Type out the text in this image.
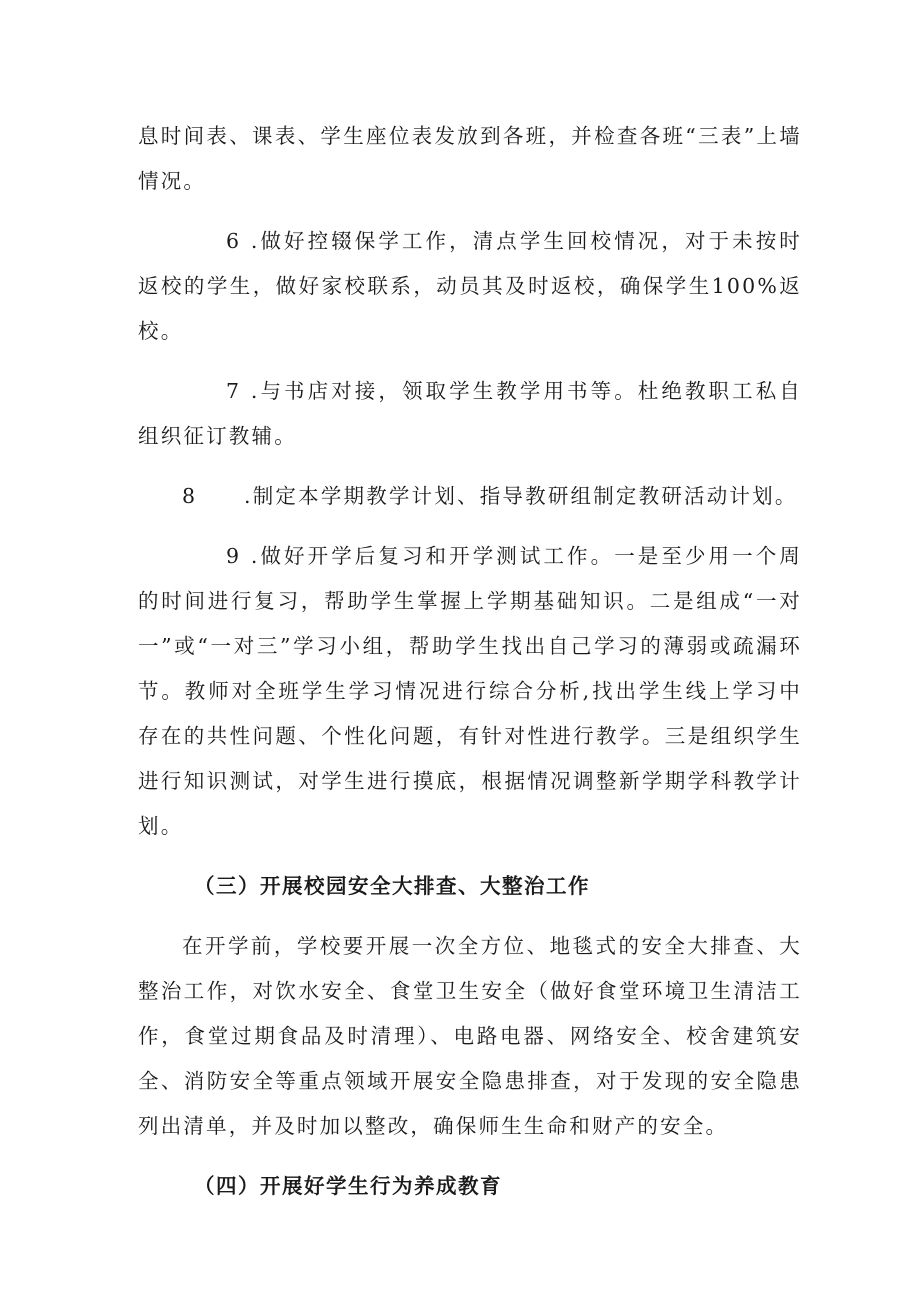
息时间表、课表、学生座位表发放到各班，并检查各班“三表”上墙情况。

6 .做好控辍保学工作，清点学生回校情况，对于未按时返校的学生，做好家校联系，动员其及时返校，确保学生100%返校。

7 .与书店对接，领取学生教学用书等。杜绝教职工私自组织征订教辅。

8 .制定本学期教学计划、指导教研组制定教研活动计划。

9 .做好开学后复习和开学测试工作。一是至少用一个周的时间进行复习，帮助学生掌握上学期基础知识。二是组成“一对一”或“一对三”学习小组，帮助学生找出自己学习的薄弱或疏漏环节。教师对全班学生学习情况进行综合分析,找出学生线上学习中存在的共性问题、个性化问题，有针对性进行教学。三是组织学生进行知识测试，对学生进行摸底，根据情况调整新学期学科教学计划。

（三）开展校园安全大排查、大整治工作

在开学前，学校要开展一次全方位、地毯式的安全大排查、大整治工作，对饮水安全、食堂卫生安全（做好食堂环境卫生清洁工作，食堂过期食品及时清理）、电路电器、网络安全、校舍建筑安全、消防安全等重点领域开展安全隐患排查，对于发现的安全隐患列出清单，并及时加以整改，确保师生生命和财产的安全。

（四）开展好学生行为养成教育
